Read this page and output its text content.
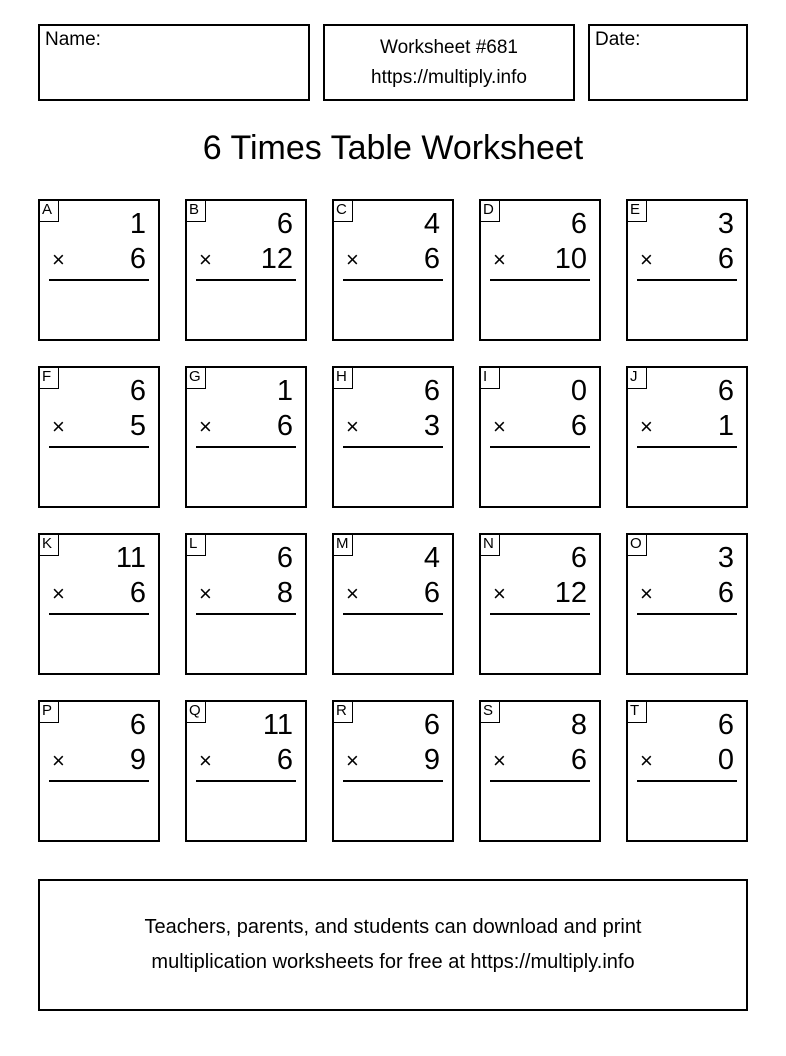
Name:	Worksheet #681
https://multiply.info
Date:
6 Times Table Worksheet
A	1
× 6
B	6
× 12
C	4
× 6
D	6
× 10
E	3
× 6
F	6
× 5
G	1
× 6
H	6
× 3
I	0
× 6
J	6
× 1
K 11
× 6
L	6
× 8
M	4
× 6
N	6
× 12
O	3
× 6
P	6
× 9
Q 11
× 6
R	6
× 9
S	8
× 6
T	6
× 0
Teachers, parents, and students can download and print
multiplication worksheets for free at https://multiply.info
